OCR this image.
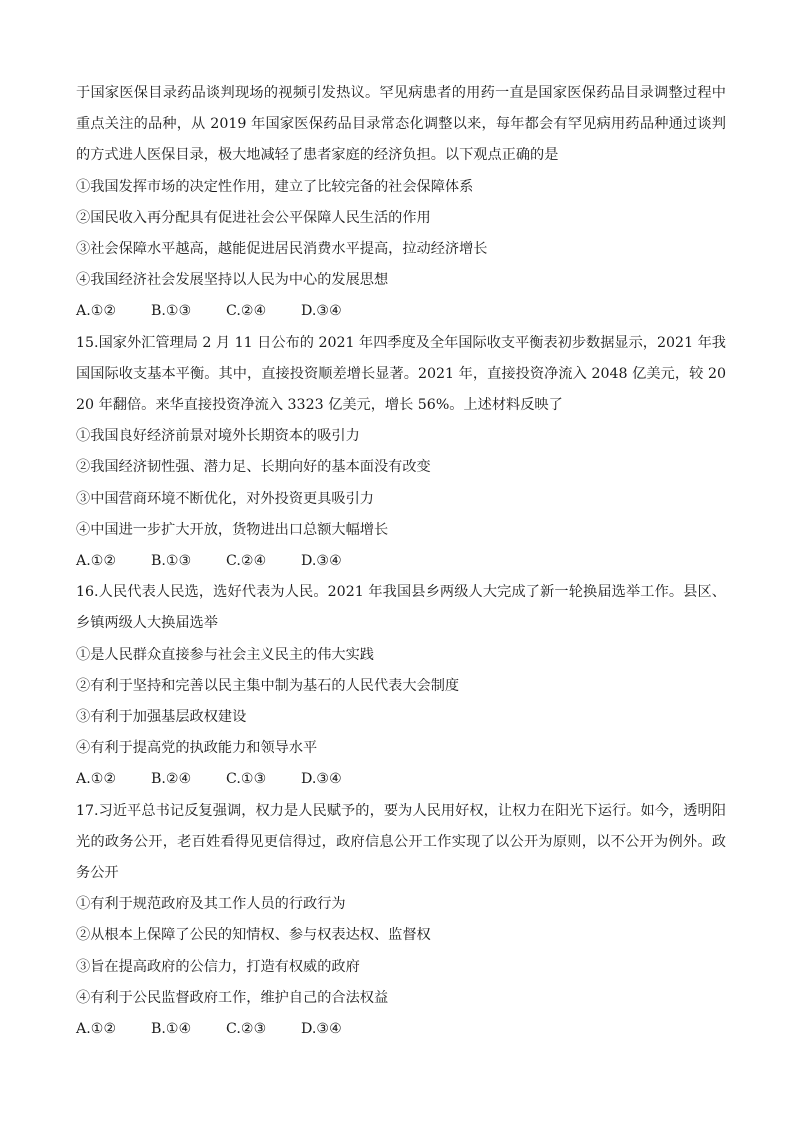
于国家医保目录药品谈判现场的视频引发热议。罕见病患者的用药一直是国家医保药品目录调整过程中重点关注的品种，从 2019 年国家医保药品目录常态化调整以来，每年都会有罕见病用药品种通过谈判的方式进人医保目录，极大地减轻了患者家庭的经济负担。以下观点正确的是

①我国发挥市场的决定性作用，建立了比较完备的社会保障体系

②国民收入再分配具有促进社会公平保障人民生活的作用

③社会保障水平越高，越能促进居民消费水平提高，拉动经济增长

④我国经济社会发展坚持以人民为中心的发展思想

A.①② B.①③ C.②④ D.③④

15.国家外汇管理局 2 月 11 日公布的 2021 年四季度及全年国际收支平衡表初步数据显示，2021 年我国国际收支基本平衡。其中，直接投资顺差增长显著。2021 年，直接投资净流入 2048 亿美元，较 2020 年翻倍。来华直接投资净流入 3323 亿美元，增长 56%。上述材料反映了

①我国良好经济前景对境外长期资本的吸引力

②我国经济韧性强、潜力足、长期向好的基本面没有改变

③中国营商环境不断优化，对外投资更具吸引力

④中国进一步扩大开放，货物进出口总额大幅增长

A.①② B.①③ C.②④ D.③④

16.人民代表人民选，选好代表为人民。2021 年我国县乡两级人大完成了新一轮换届选举工作。县区、乡镇两级人大换届选举

①是人民群众直接参与社会主义民主的伟大实践

②有利于坚持和完善以民主集中制为基石的人民代表大会制度

③有利于加强基层政权建设

④有利于提高党的执政能力和领导水平

A.①② B.②④ C.①③ D.③④

17.习近平总书记反复强调，权力是人民赋予的，要为人民用好权，让权力在阳光下运行。如今，透明阳光的政务公开，老百姓看得见更信得过，政府信息公开工作实现了以公开为原则，以不公开为例外。政务公开

①有利于规范政府及其工作人员的行政行为

②从根本上保障了公民的知情权、参与权表达权、监督权

③旨在提高政府的公信力，打造有权威的政府

④有利于公民监督政府工作，维护自己的合法权益

A.①② B.①④ C.②③ D.③④
